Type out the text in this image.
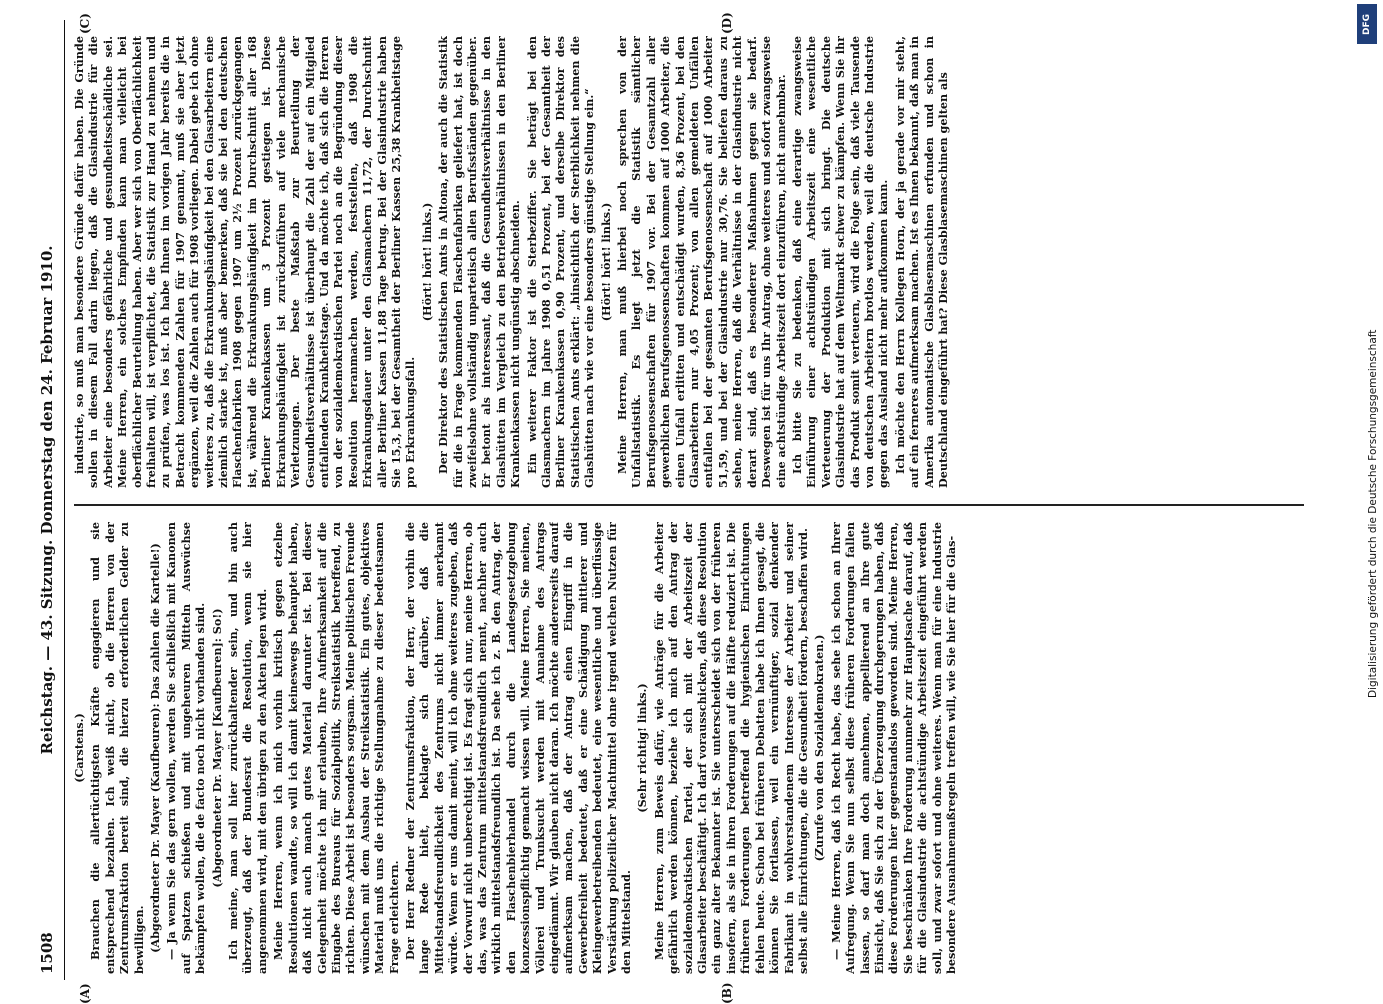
1508
Reichstag. — 43. Sitzung. Donnerstag den 24. Februar 1910.
(A)	(B)
(C)	(D)

(Carstens.) Brauchen die allertüchtigsten Kräfte engagieren und sie entsprechend bezahlen. Ich weiß nicht, ob die Herren von der Zentrumsfraktion bereit sind, die hierzu erforderlichen Gelder zu bewilligen. (Abgeordneter Dr. Mayer (Kaufbeuren): Das zahlen die Kartelle!) — Ja wenn Sie das gern wollen, werden Sie schließlich mit Kanonen auf Spatzen schießen und mit ungeheuren Mitteln Auswüchse bekämpfen wollen, die de facto noch nicht vorhanden sind. (Abgeordneter Dr. Mayer [Kaufbeuren]: So!) Ich meine, man soll hier zurückhaltender sein, und bin auch überzeugt, daß der Bundesrat die Resolution, wenn sie hier angenommen wird, mit den übrigen zu den Akten legen wird. Meine Herren, wenn ich mich vorhin kritisch gegen etzelne Resolutionen wandte, so will ich damit keineswegs behauptet haben, daß nicht auch manch gutes Material darunter ist. Bei dieser Gelegenheit möchte ich mir erlauben, Ihre Aufmerksamkeit auf die Eingabe des Bureaus für Sozialpolitik, Streikstatistik betreffend, zu richten. Diese Arbeit ist besonders sorgsam. Meine politischen Freunde wünschen mit dem Ausbau der Streikstatistik. Ein gutes, objektives Material muß uns die richtige Stellungnahme zu dieser bedeutsamen Frage erleichtern. Der Herr Redner der Zentrumsfraktion, der Herr, der vorhin die lange Rede hielt, beklagte sich darüber, daß die Mittelstandsfreundlichkeit des Zentrums nicht immer anerkannt würde. Wenn er uns damit meint, will ich ohne weiteres zugeben, daß der Vorwurf nicht unberechtigt ist. Es fragt sich nur, meine Herren, ob das, was das Zentrum mittelstandsfreundlich nennt, nachher auch wirklich mittelstandsfreundlich ist. Da sehe ich z. B. den Antrag, der den Flaschenbierhandel durch die Landesgesetzgebung konzessionspflichtig gemacht wissen will. Meine Herren, Sie meinen, Völlerei und Trunksucht werden mit Annahme des Antrags eingedämmt. Wir glauben nicht daran. Ich möchte andererseits darauf aufmerksam machen, daß der Antrag einen Eingriff in die Gewerbefreiheit bedeutet, daß er eine Schädigung mittlerer und Kleingewerbetreibenden bedeutet, eine wesentliche und überflüssige Verstärkung polizeilicher Machtmittel ohne irgend welchen Nutzen für den Mittelstand.

(Sehr richtig! links.) Meine Herren, zum Beweis dafür, wie Anträge für die Arbeiter gefährlich werden können, beziehe ich mich auf den Antrag der sozialdemokratischen Partei, der sich mit der Arbeitszeit der Glasarbeiter beschäftigt. Ich darf vorausschicken, daß diese Resolution ein ganz alter Bekannter ist. Sie unterscheidet sich von der früheren insofern, als sie in ihren Forderungen auf die Hälfte reduziert ist. Die früheren Forderungen betreffend die hygienischen Einrichtungen fehlen heute. Schon bei früheren Debatten habe ich Ihnen gesagt, die können Sie fortlassen, weil ein vernünftiger, sozial denkender Fabrikant in wohlverstandenem Interesse der Arbeiter und seiner selbst alle Einrichtungen, die die Gesundheit fördern, beschaffen wird. (Zurufe von den Sozialdemokraten.) — Meine Herren, daß ich Recht habe, das sehe ich schon an Ihrer Aufregung. Wenn Sie nun selbst diese früheren Forderungen fallen lassen, so darf man doch annehmen, appellierend an Ihre gute Einsicht, daß Sie sich zu der Überzeugung durchgerungen haben, daß diese Forderungen hier gegenstandslos geworden sind. Meine Herren, Sie beschränken Ihre Forderung nunmehr zur Hauptsache darauf, daß für die Glasindustrie die achtstündige Arbeitszeit eingeführt werden soll, und zwar sofort und ohne weiteres. Wenn man für eine Industrie besondere Ausnahmemaßregeln treffen will, wie Sie hier für die Glas-

industrie, so muß man besondere Gründe dafür haben. Die Gründe sollen in diesem Fall darin liegen, daß die Glasindustrie für die Arbeiter eine besonders gefährliche und gesundheitsschädliche sei. Meine Herren, ein solches Empfinden kann man vielleicht bei oberflächlicher Beurteilung haben. Aber wer sich von Oberflächlichkeit freihalten will, ist verpflichtet, die Statistik zur Hand zu nehmen und zu prüfen, was los ist. Ich habe Ihnen im vorigen Jahr bereits die in Betracht kommenden Zahlen für 1907 genannt, muß sie aber jetzt ergänzen, weil die Zahlen auch für 1908 vorliegen. Dabei gebe ich ohne weiteres zu, daß die Erkrankungshäufigkeit bei den Glasarbeitern eine ziemlich starke ist, muß aber bemerken, daß sie bei den deutschen Flaschenfabriken 1908 gegen 1907 um 2½ Prozent zurückgegangen ist, während die Erkrankungshäufigkeit im Durchschnitt aller 168 Berliner Krankenkassen um 3 Prozent gestiegen ist. Diese Erkrankungshäufigkeit ist zurückzuführen auf viele mechanische Verletzungen. Der beste Maßstab zur Beurteilung der Gesundheitsverhältnisse ist überhaupt die Zahl der auf ein Mitglied entfallenden Krankheitstage. Und da möchte ich, daß sich die Herren von der sozialdemokratischen Partei noch an die Begründung dieser Resolution heranmachen werden, feststellen, daß 1908 die Erkrankungsdauer unter den Glasmachern 11,72, der Durchschnitt aller Berliner Kassen 11,88 Tage betrug. Bei der Glasindustrie haben Sie 15,3, bei der Gesamtheit der Berliner Kassen 25,38 Krankheitstage pro Erkrankungsfall.

(Hört! hört! links.) Der Direktor des Statistischen Amts in Altona, der auch die Statistik für die in Frage kommenden Flaschenfabriken geliefert hat, ist doch zweifelsohne vollständig unparteiisch allen Berufsständen gegenüber. Er betont als interessant, daß die Gesundheitsverhältnisse in den Glashütten im Vergleich zu den Betriebsverhältnissen in den Berliner Krankenkassen nicht ungünstig abschneiden. Ein weiterer Faktor ist die Sterbeziffer. Sie beträgt bei den Glasmachern im Jahre 1908 0,51 Prozent, bei der Gesamtheit der Berliner Krankenkassen 0,90 Prozent, und derselbe Direktor des Statistischen Amts erklärt: „hinsichtlich der Sterblichkeit nehmen die Glashütten nach wie vor eine besonders günstige Stellung ein.“ (Hört! hört! links.) Meine Herren, man muß hierbei noch sprechen von der Unfallstatistik. Es liegt jetzt die Statistik sämtlicher Berufsgenossenschaften für 1907 vor. Bei der Gesamtzahl aller gewerblichen Berufsgenossenschaften kommen auf 1000 Arbeiter, die einen Unfall erlitten und entschädigt wurden, 8,36 Prozent, bei den Glasarbeitern nur 4,05 Prozent; von allen gemeldeten Unfällen entfallen bei der gesamten Berufsgenossenschaft auf 1000 Arbeiter 51,59, und bei der Glasindustrie nur 30,76. Sie beliefen daraus zu sehen, meine Herren, daß die Verhältnisse in der Glasindustrie nicht derart sind, daß es besonderer Maßnahmen gegen sie bedarf. Deswegen ist für uns Ihr Antrag, ohne weiteres und sofort zwangsweise eine achtstündige Arbeitszeit dort einzuführen, nicht annehmbar. Ich bitte Sie zu bedenken, daß eine derartige zwangsweise Einführung einer achtstündigen Arbeitszeit eine wesentliche Verteuerung der Produktion mit sich bringt. Die deutsche Glasindustrie hat auf dem Weltmarkt schwer zu kämpfen. Wenn Sie ihr das Produkt somit verteuern, wird die Folge sein, daß viele Tausende von deutschen Arbeitern brotlos werden, weil die deutsche Industrie gegen das Ausland nicht mehr aufkommen kann. Ich möchte den Herrn Kollegen Horn, der ja gerade vor mir steht, auf ein ferneres aufmerksam machen. Ist es Ihnen bekannt, daß man in Amerika automatische Glasblasemaschinen erfunden und schon in Deutschland eingeführt hat? Diese Glasblasemaschinen gelten als

DFG
Digitalisierung gefördert durch die Deutsche Forschungsgemeinschaft
